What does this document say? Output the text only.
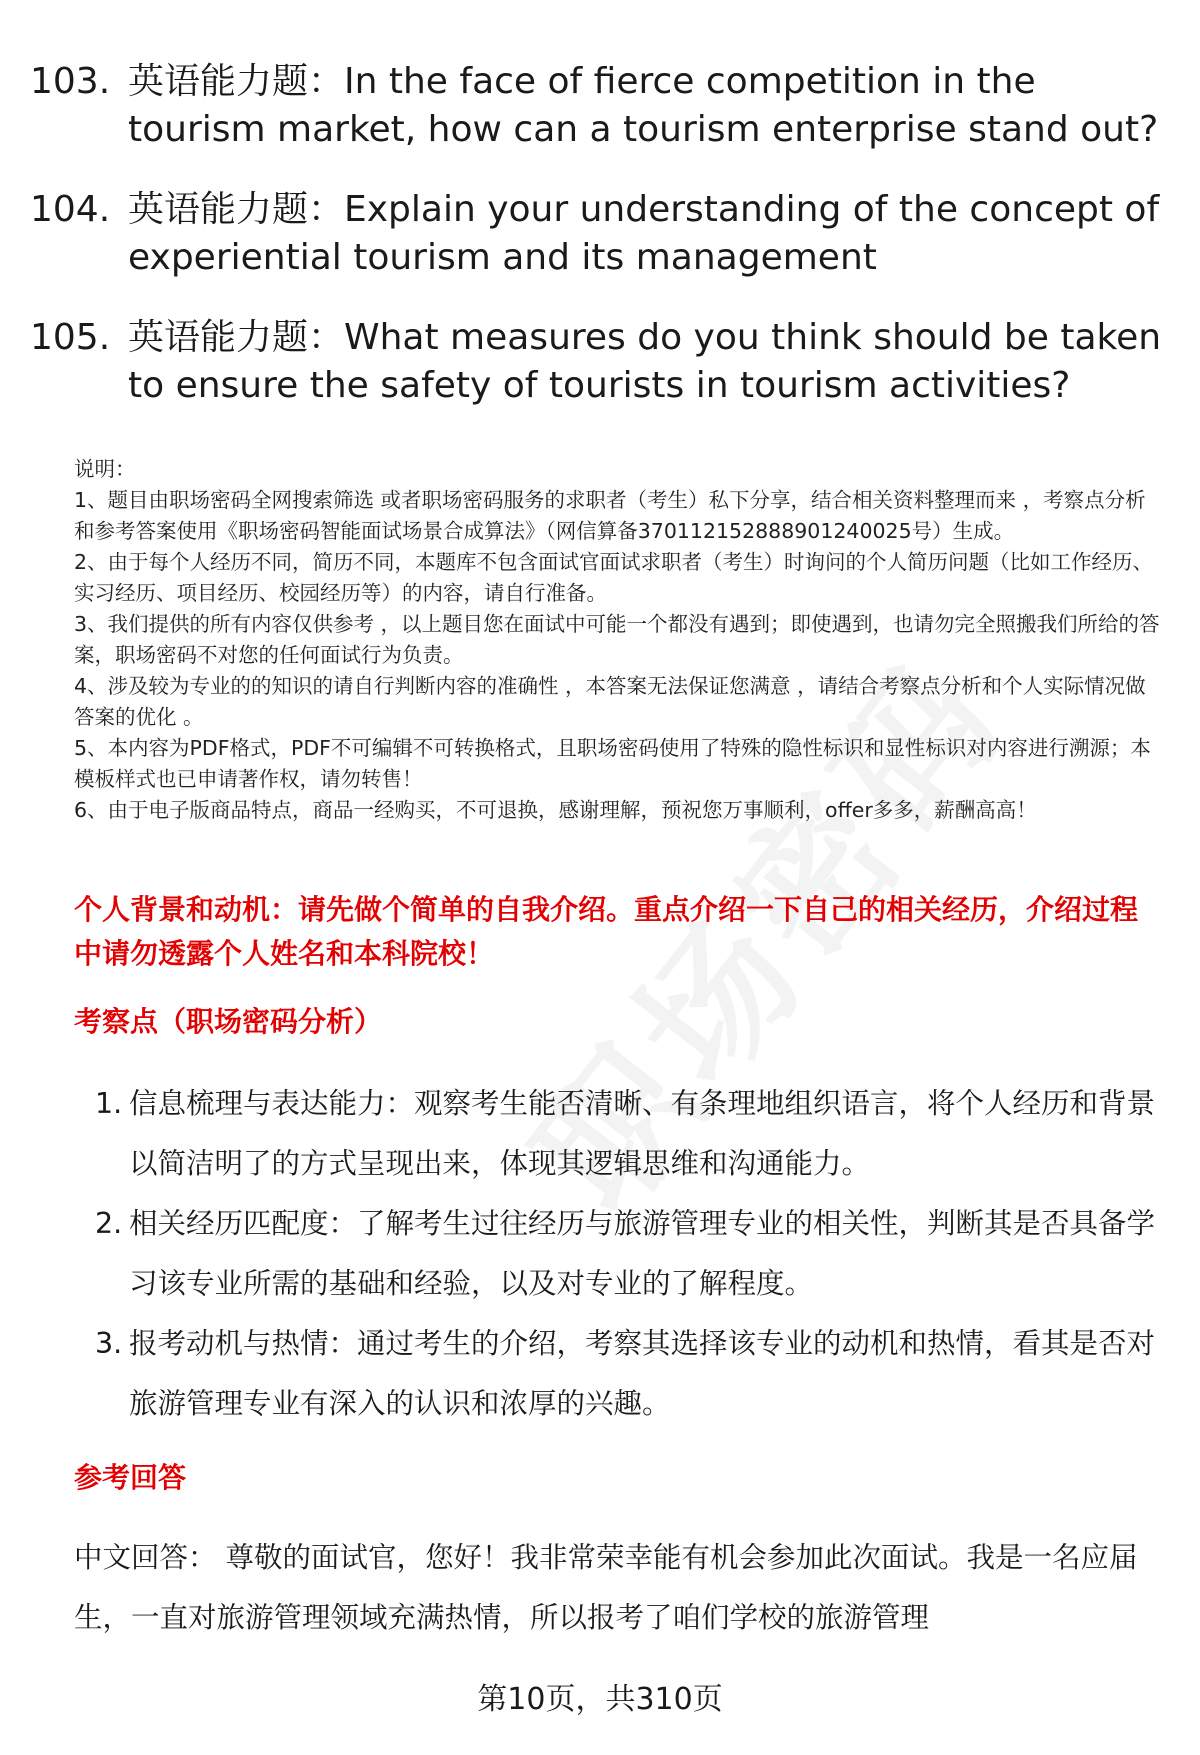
103. 英语能力题：In the face of fierce competition in the tourism market, how can a tourism enterprise stand out?
104. 英语能力题：Explain your understanding of the concept of experiential tourism and its management
105. 英语能力题：What measures do you think should be taken to ensure the safety of tourists in tourism activities?

说明：

1、题目由职场密码全网搜索筛选 或者职场密码服务的求职者（考生）私下分享，结合相关资料整理而来 ，考察点分析和参考答案使用《职场密码智能面试场景合成算法》（网信算备370112152888901240025号）生成。

2、由于每个人经历不同，简历不同，本题库不包含面试官面试求职者（考生）时询问的个人简历问题（比如工作经历、实习经历、项目经历、校园经历等）的内容，请自行准备。

3、我们提供的所有内容仅供参考 ，以上题目您在面试中可能一个都没有遇到；即使遇到，也请勿完全照搬我们所给的答案，职场密码不对您的任何面试行为负责。

4、涉及较为专业的的知识的请自行判断内容的准确性 ，本答案无法保证您满意 ，请结合考察点分析和个人实际情况做答案的优化 。

5、本内容为PDF格式，PDF不可编辑不可转换格式，且职场密码使用了特殊的隐性标识和显性标识对内容进行溯源；本模板样式也已申请著作权，请勿转售！

6、由于电子版商品特点，商品一经购买，不可退换，感谢理解，预祝您万事顺利，offer多多，薪酬高高！

个人背景和动机：请先做个简单的自我介绍。重点介绍一下自己的相关经历，介绍过程中请勿透露个人姓名和本科院校！
考察点（职场密码分析）
1. 信息梳理与表达能力：观察考生能否清晰、有条理地组织语言，将个人经历和背景以简洁明了的方式呈现出来，体现其逻辑思维和沟通能力。
2. 相关经历匹配度：了解考生过往经历与旅游管理专业的相关性，判断其是否具备学习该专业所需的基础和经验，以及对专业的了解程度。
3. 报考动机与热情：通过考生的介绍，考察其选择该专业的动机和热情，看其是否对旅游管理专业有深入的认识和浓厚的兴趣。
参考回答
中文回答： 尊敬的面试官，您好！我非常荣幸能有机会参加此次面试。我是一名应届生，一直对旅游管理领域充满热情，所以报考了咱们学校的旅游管理
第10页，共310页
